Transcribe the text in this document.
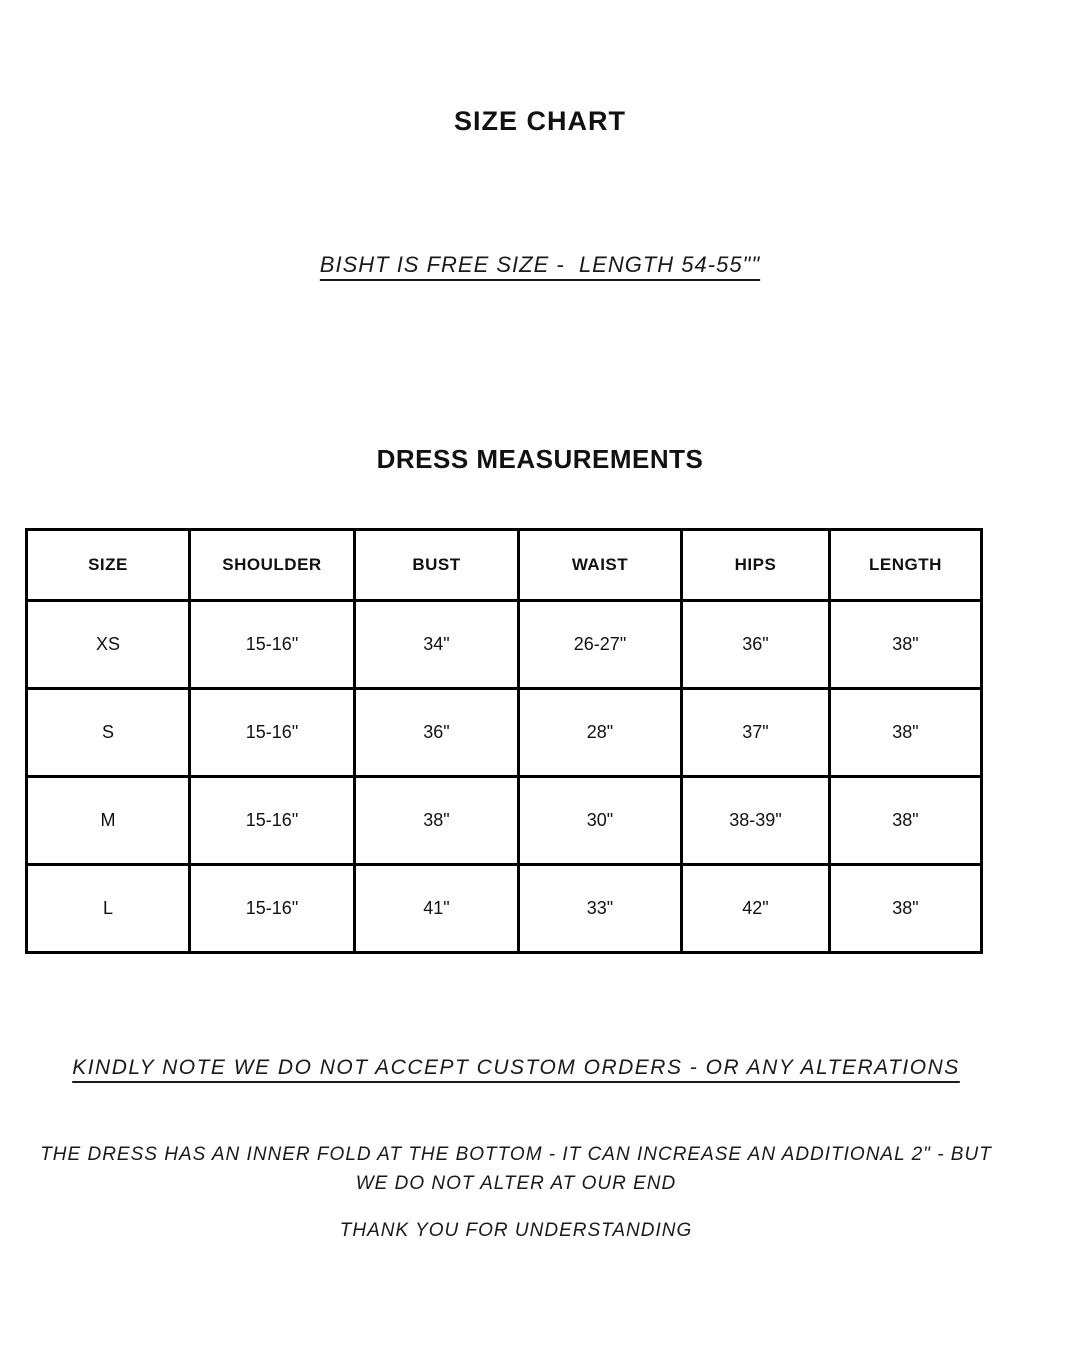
SIZE CHART
BISHT IS FREE SIZE -  LENGTH 54-55""
DRESS MEASUREMENTS
SIZE	SHOULDER	BUST	WAIST	HIPS	LENGTH
XS	15-16"	34"	26-27"	36"	38"
S	15-16"	36"	28"	37"	38"
M	15-16"	38"	30"	38-39"	38"
L	15-16"	41"	33"	42"	38"
KINDLY NOTE WE DO NOT ACCEPT CUSTOM ORDERS - OR ANY ALTERATIONS
THE DRESS HAS AN INNER FOLD AT THE BOTTOM - IT CAN INCREASE AN ADDITIONAL 2" - BUT WE DO NOT ALTER AT OUR END
THANK YOU FOR UNDERSTANDING
